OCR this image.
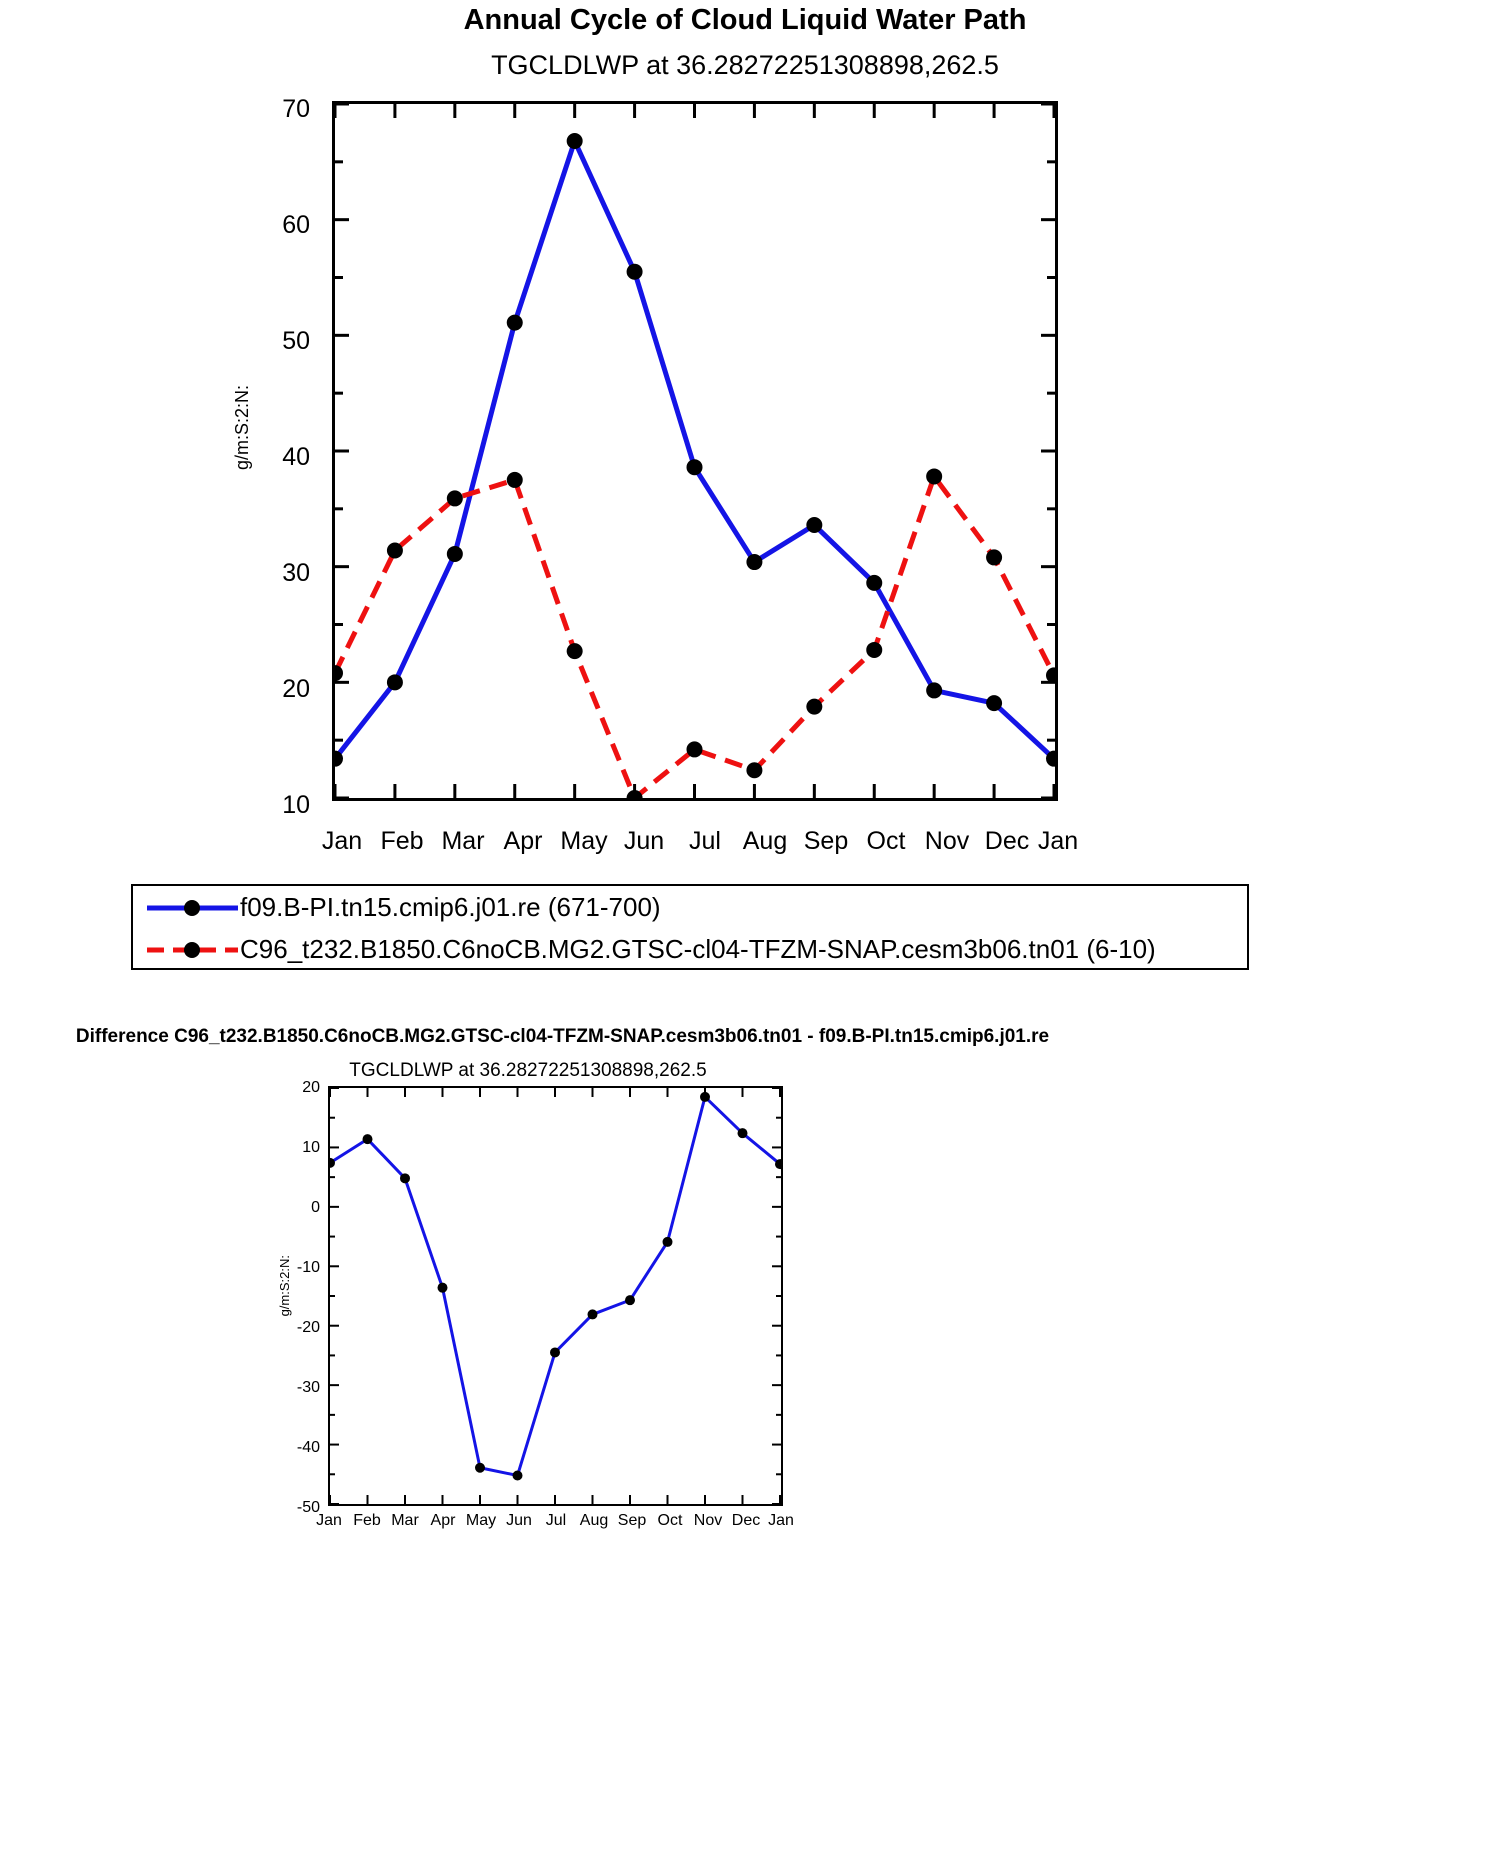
Annual Cycle of Cloud Liquid Water Path
TGCLDLWP at 36.28272251308898,262.5
g/m:S:2:N:
70
60
50
40
30
20
10
Jan Feb Mar Apr May Jun Jul Aug Sep Oct Nov Dec Jan
f09.B-PI.tn15.cmip6.j01.re (671-700)
C96_t232.B1850.C6noCB.MG2.GTSC-cl04-TFZM-SNAP.cesm3b06.tn01 (6-10)
Difference C96_t232.B1850.C6noCB.MG2.GTSC-cl04-TFZM-SNAP.cesm3b06.tn01 - f09.B-PI.tn15.cmip6.j01.re
TGCLDLWP at 36.28272251308898,262.5
g/m:S:2:N:
20
10
0
-10
-20
-30
-40
-50
Jan Feb Mar Apr May Jun Jul Aug Sep Oct Nov Dec Jan
